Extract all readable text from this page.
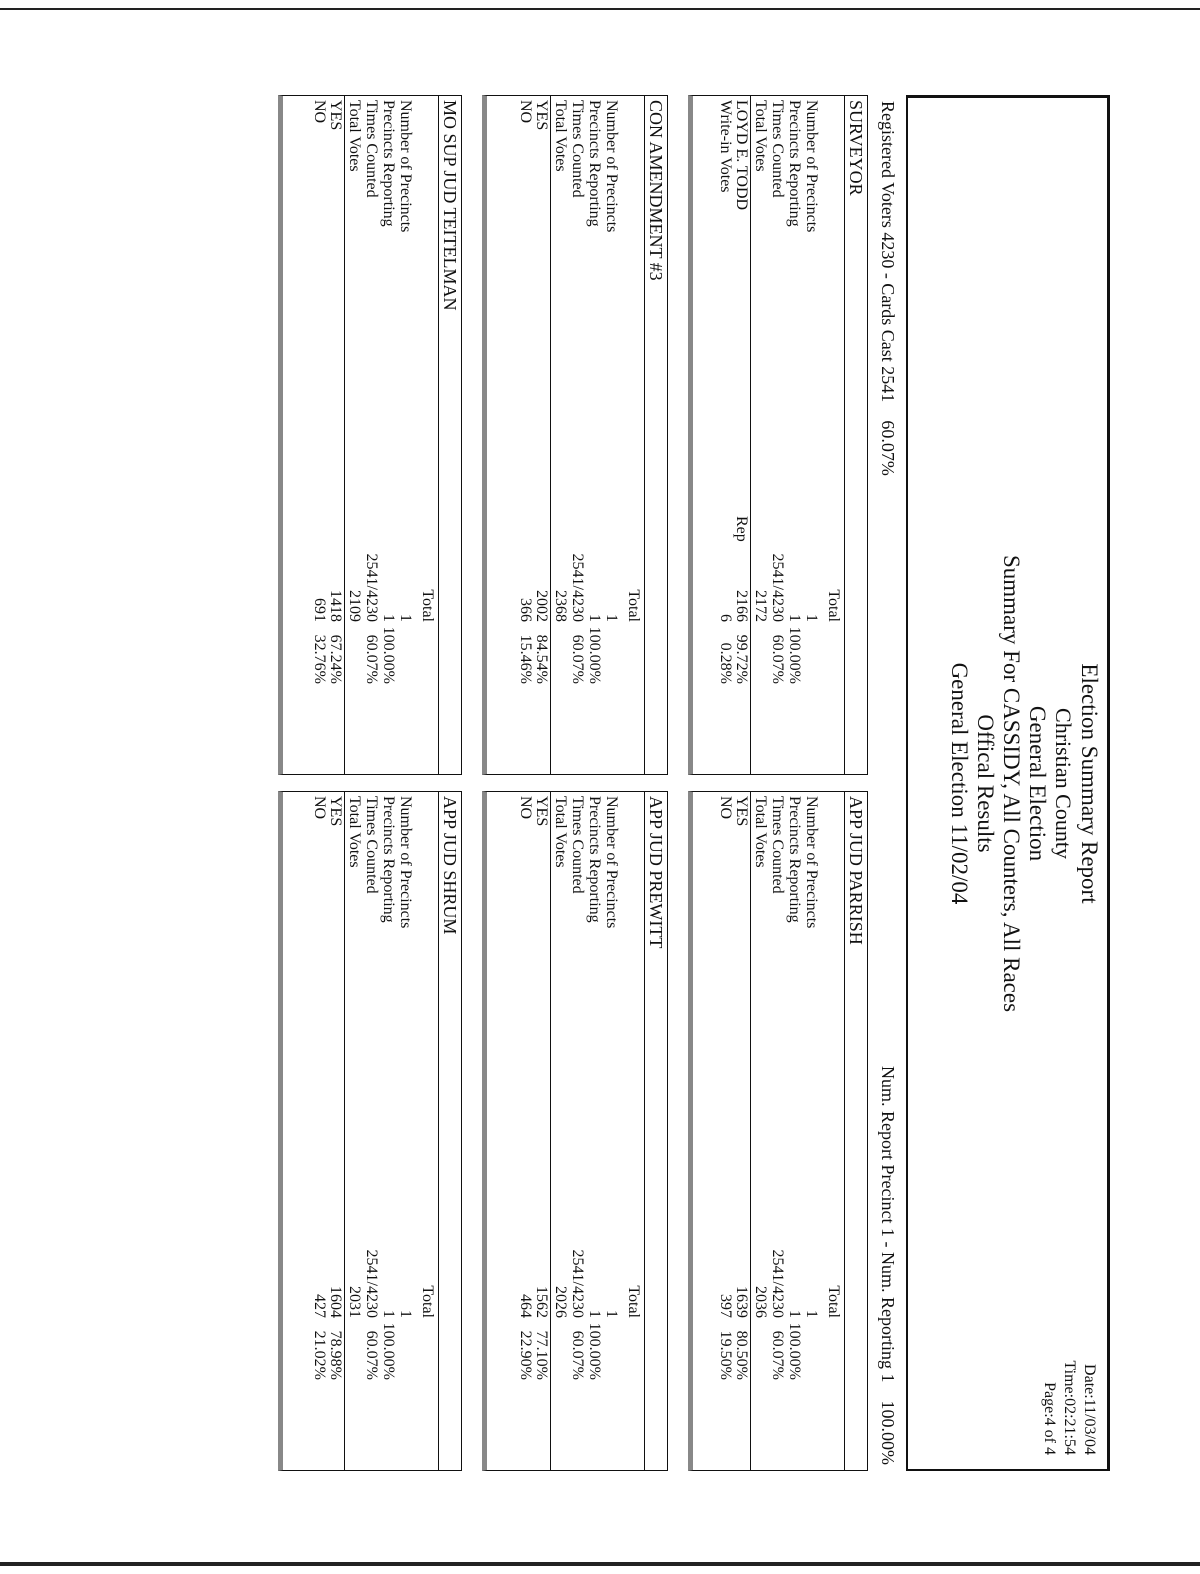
Election Summary Report
Christian County
General Election
Summary For CASSIDY, All Counters, All Races
Offical Results
General Election 11/02/04
Date:11/03/04
Time:02:21:54
Page:4 of 4
Registered Voters 4230 - Cards Cast 2541    60.07%
Num. Report Precinct 1 - Num. Reporting 1    100.00%
SURVEYOR
Total
Number of Precincts
1
Precincts Reporting
1
100.00%
Times Counted
2541/4230
60.07%
Total Votes
2172
LOYD E. TODD
Rep
2166
99.72%
Write-in Votes
6
0.28%
CON AMENDMENT #3
Total
Number of Precincts
1
Precincts Reporting
1
100.00%
Times Counted
2541/4230
60.07%
Total Votes
2368
YES
2002
84.54%
NO
366
15.46%
MO SUP JUD TEITELMAN
Total
Number of Precincts
1
Precincts Reporting
1
100.00%
Times Counted
2541/4230
60.07%
Total Votes
2109
YES
1418
67.24%
NO
691
32.76%
APP JUD PARRISH
Total
Number of Precincts
1
Precincts Reporting
1
100.00%
Times Counted
2541/4230
60.07%
Total Votes
2036
YES
1639
80.50%
NO
397
19.50%
APP JUD PREWITT
Total
Number of Precincts
1
Precincts Reporting
1
100.00%
Times Counted
2541/4230
60.07%
Total Votes
2026
YES
1562
77.10%
NO
464
22.90%
APP JUD SHRUM
Total
Number of Precincts
1
Precincts Reporting
1
100.00%
Times Counted
2541/4230
60.07%
Total Votes
2031
YES
1604
78.98%
NO
427
21.02%
